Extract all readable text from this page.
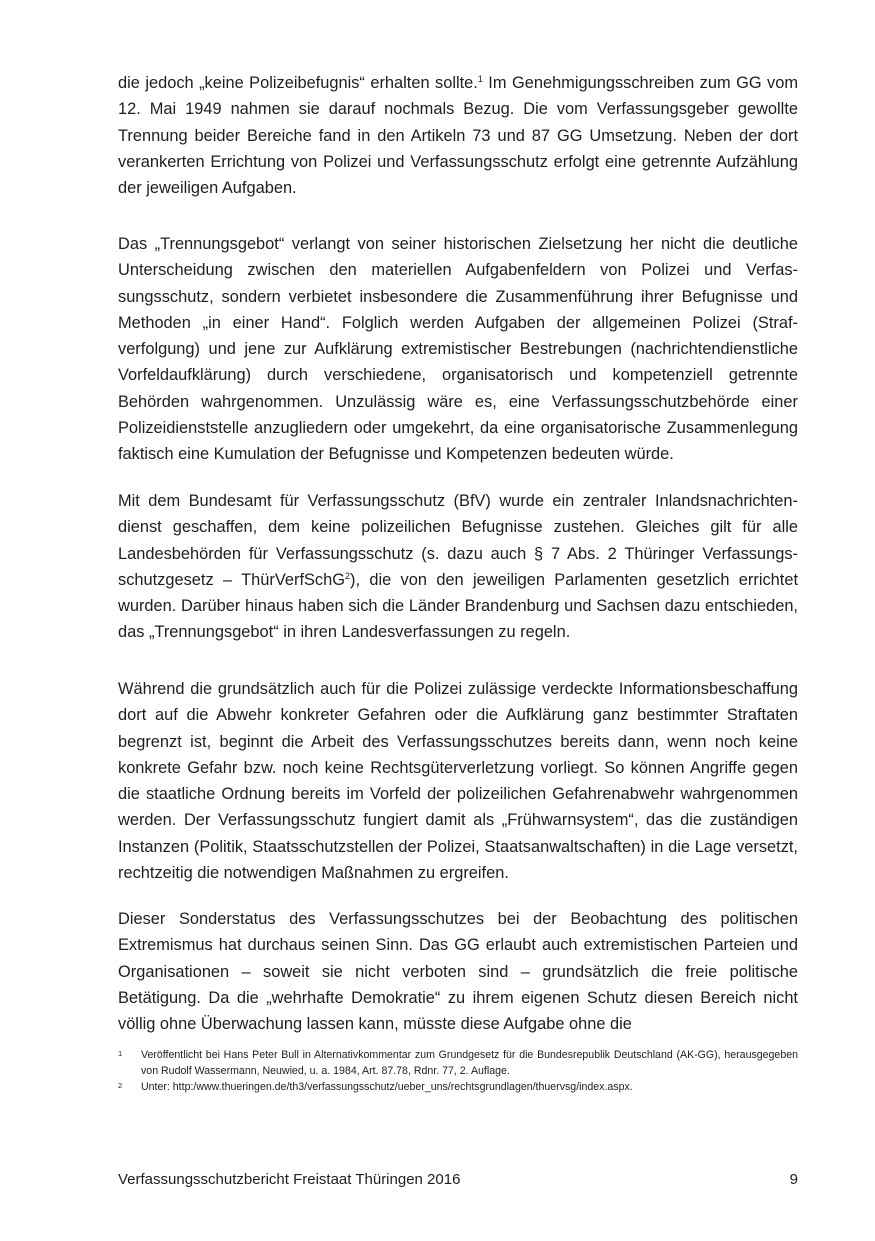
die jedoch „keine Polizeibefugnis“ erhalten sollte.$^1$ Im Genehmigungsschreiben zum GG vom 12. Mai 1949 nahmen sie darauf nochmals Bezug. Die vom Verfassungsgeber gewollte Trennung beider Bereiche fand in den Artikeln 73 und 87 GG Umsetzung. Neben der dort verankerten Errichtung von Polizei und Verfassungsschutz erfolgt eine getrennte Aufzählung der jeweiligen Aufgaben.

Das „Trennungsgebot“ verlangt von seiner historischen Zielsetzung her nicht die deutliche Unterscheidung zwischen den materiellen Aufgabenfeldern von Polizei und Verfassungsschutz, sondern verbietet insbesondere die Zusammenführung ihrer Befugnisse und Methoden „in einer Hand“. Folglich werden Aufgaben der allgemeinen Polizei (Strafverfolgung) und jene zur Aufklärung extremistischer Bestrebungen (nachrichtendienstliche Vorfeldaufklärung) durch verschiedene, organisatorisch und kompetenziell getrennte Behörden wahrgenommen. Unzulässig wäre es, eine Verfassungsschutzbehörde einer Polizeidienststelle anzugliedern oder umgekehrt, da eine organisatorische Zusammenlegung faktisch eine Kumulation der Befugnisse und Kompetenzen bedeuten würde.

Mit dem Bundesamt für Verfassungsschutz (BfV) wurde ein zentraler Inlandsnachrichtendienst geschaffen, dem keine polizeilichen Befugnisse zustehen. Gleiches gilt für alle Landesbehörden für Verfassungsschutz (s. dazu auch § 7 Abs. 2 Thüringer Verfassungsschutzgesetz – ThürVerfSchG$^2$), die von den jeweiligen Parlamenten gesetzlich errichtet wurden. Darüber hinaus haben sich die Länder Brandenburg und Sachsen dazu entschieden, das „Trennungsgebot“ in ihren Landesverfassungen zu regeln.

Während die grundsätzlich auch für die Polizei zulässige verdeckte Informationsbeschaffung dort auf die Abwehr konkreter Gefahren oder die Aufklärung ganz bestimmter Straftaten begrenzt ist, beginnt die Arbeit des Verfassungsschutzes bereits dann, wenn noch keine konkrete Gefahr bzw. noch keine Rechtsgüterverletzung vorliegt. So können Angriffe gegen die staatliche Ordnung bereits im Vorfeld der polizeilichen Gefahrenabwehr wahrgenommen werden. Der Verfassungsschutz fungiert damit als „Frühwarnsystem“, das die zuständigen Instanzen (Politik, Staatsschutzstellen der Polizei, Staatsanwaltschaften) in die Lage versetzt, rechtzeitig die notwendigen Maßnahmen zu ergreifen.

Dieser Sonderstatus des Verfassungsschutzes bei der Beobachtung des politischen Extremismus hat durchaus seinen Sinn. Das GG erlaubt auch extremistischen Parteien und Organisationen – soweit sie nicht verboten sind – grundsätzlich die freie politische Betätigung. Da die „wehrhafte Demokratie“ zu ihrem eigenen Schutz diesen Bereich nicht völlig ohne Überwachung lassen kann, müsste diese Aufgabe ohne die

1 Veröffentlicht bei Hans Peter Bull in Alternativkommentar zum Grundgesetz für die Bundesrepublik Deutschland (AK-GG), herausgegeben von Rudolf Wassermann, Neuwied, u. a. 1984, Art. 87.78, Rdnr. 77, 2. Auflage.
2 Unter: http:/www.thueringen.de/th3/verfassungsschutz/ueber_uns/rechtsgrundlagen/thuervsg/index.aspx.
Verfassungsschutzbericht Freistaat Thüringen 2016	9
